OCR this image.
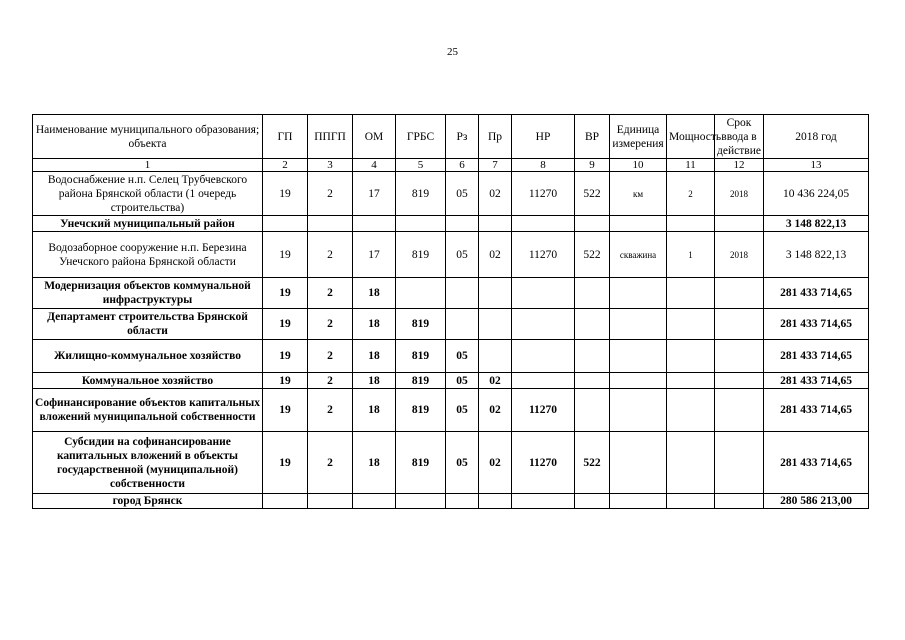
25
Наименование муниципального образования; объекта	ГП	ППГП	ОМ	ГРБС	Рз	Пр	НР	ВР	Единица измерения	Мощность	Срок ввода в действие	2018 год
1	2	3	4	5	6	7	8	9	10	11	12	13
Водоснабжение н.п. Селец Трубчевского района Брянской области (1 очередь строительства)	19	2	17	819	05	02	11270	522	км	2	2018	10 436 224,05
Унечский муниципальный район												3 148 822,13
Водозаборное сооружение н.п. Березина Унечского района Брянской области	19	2	17	819	05	02	11270	522	скважина	1	2018	3 148 822,13
Модернизация объектов коммунальной инфраструктуры	19	2	18									281 433 714,65
Департамент строительства Брянской области	19	2	18	819								281 433 714,65
Жилищно-коммунальное хозяйство	19	2	18	819	05							281 433 714,65
Коммунальное хозяйство	19	2	18	819	05	02						281 433 714,65
Софинансирование объектов капитальных вложений муниципальной собственности	19	2	18	819	05	02	11270					281 433 714,65
Субсидии на софинансирование капитальных вложений в объекты государственной (муниципальной) собственности	19	2	18	819	05	02	11270	522				281 433 714,65
город Брянск												280 586 213,00
